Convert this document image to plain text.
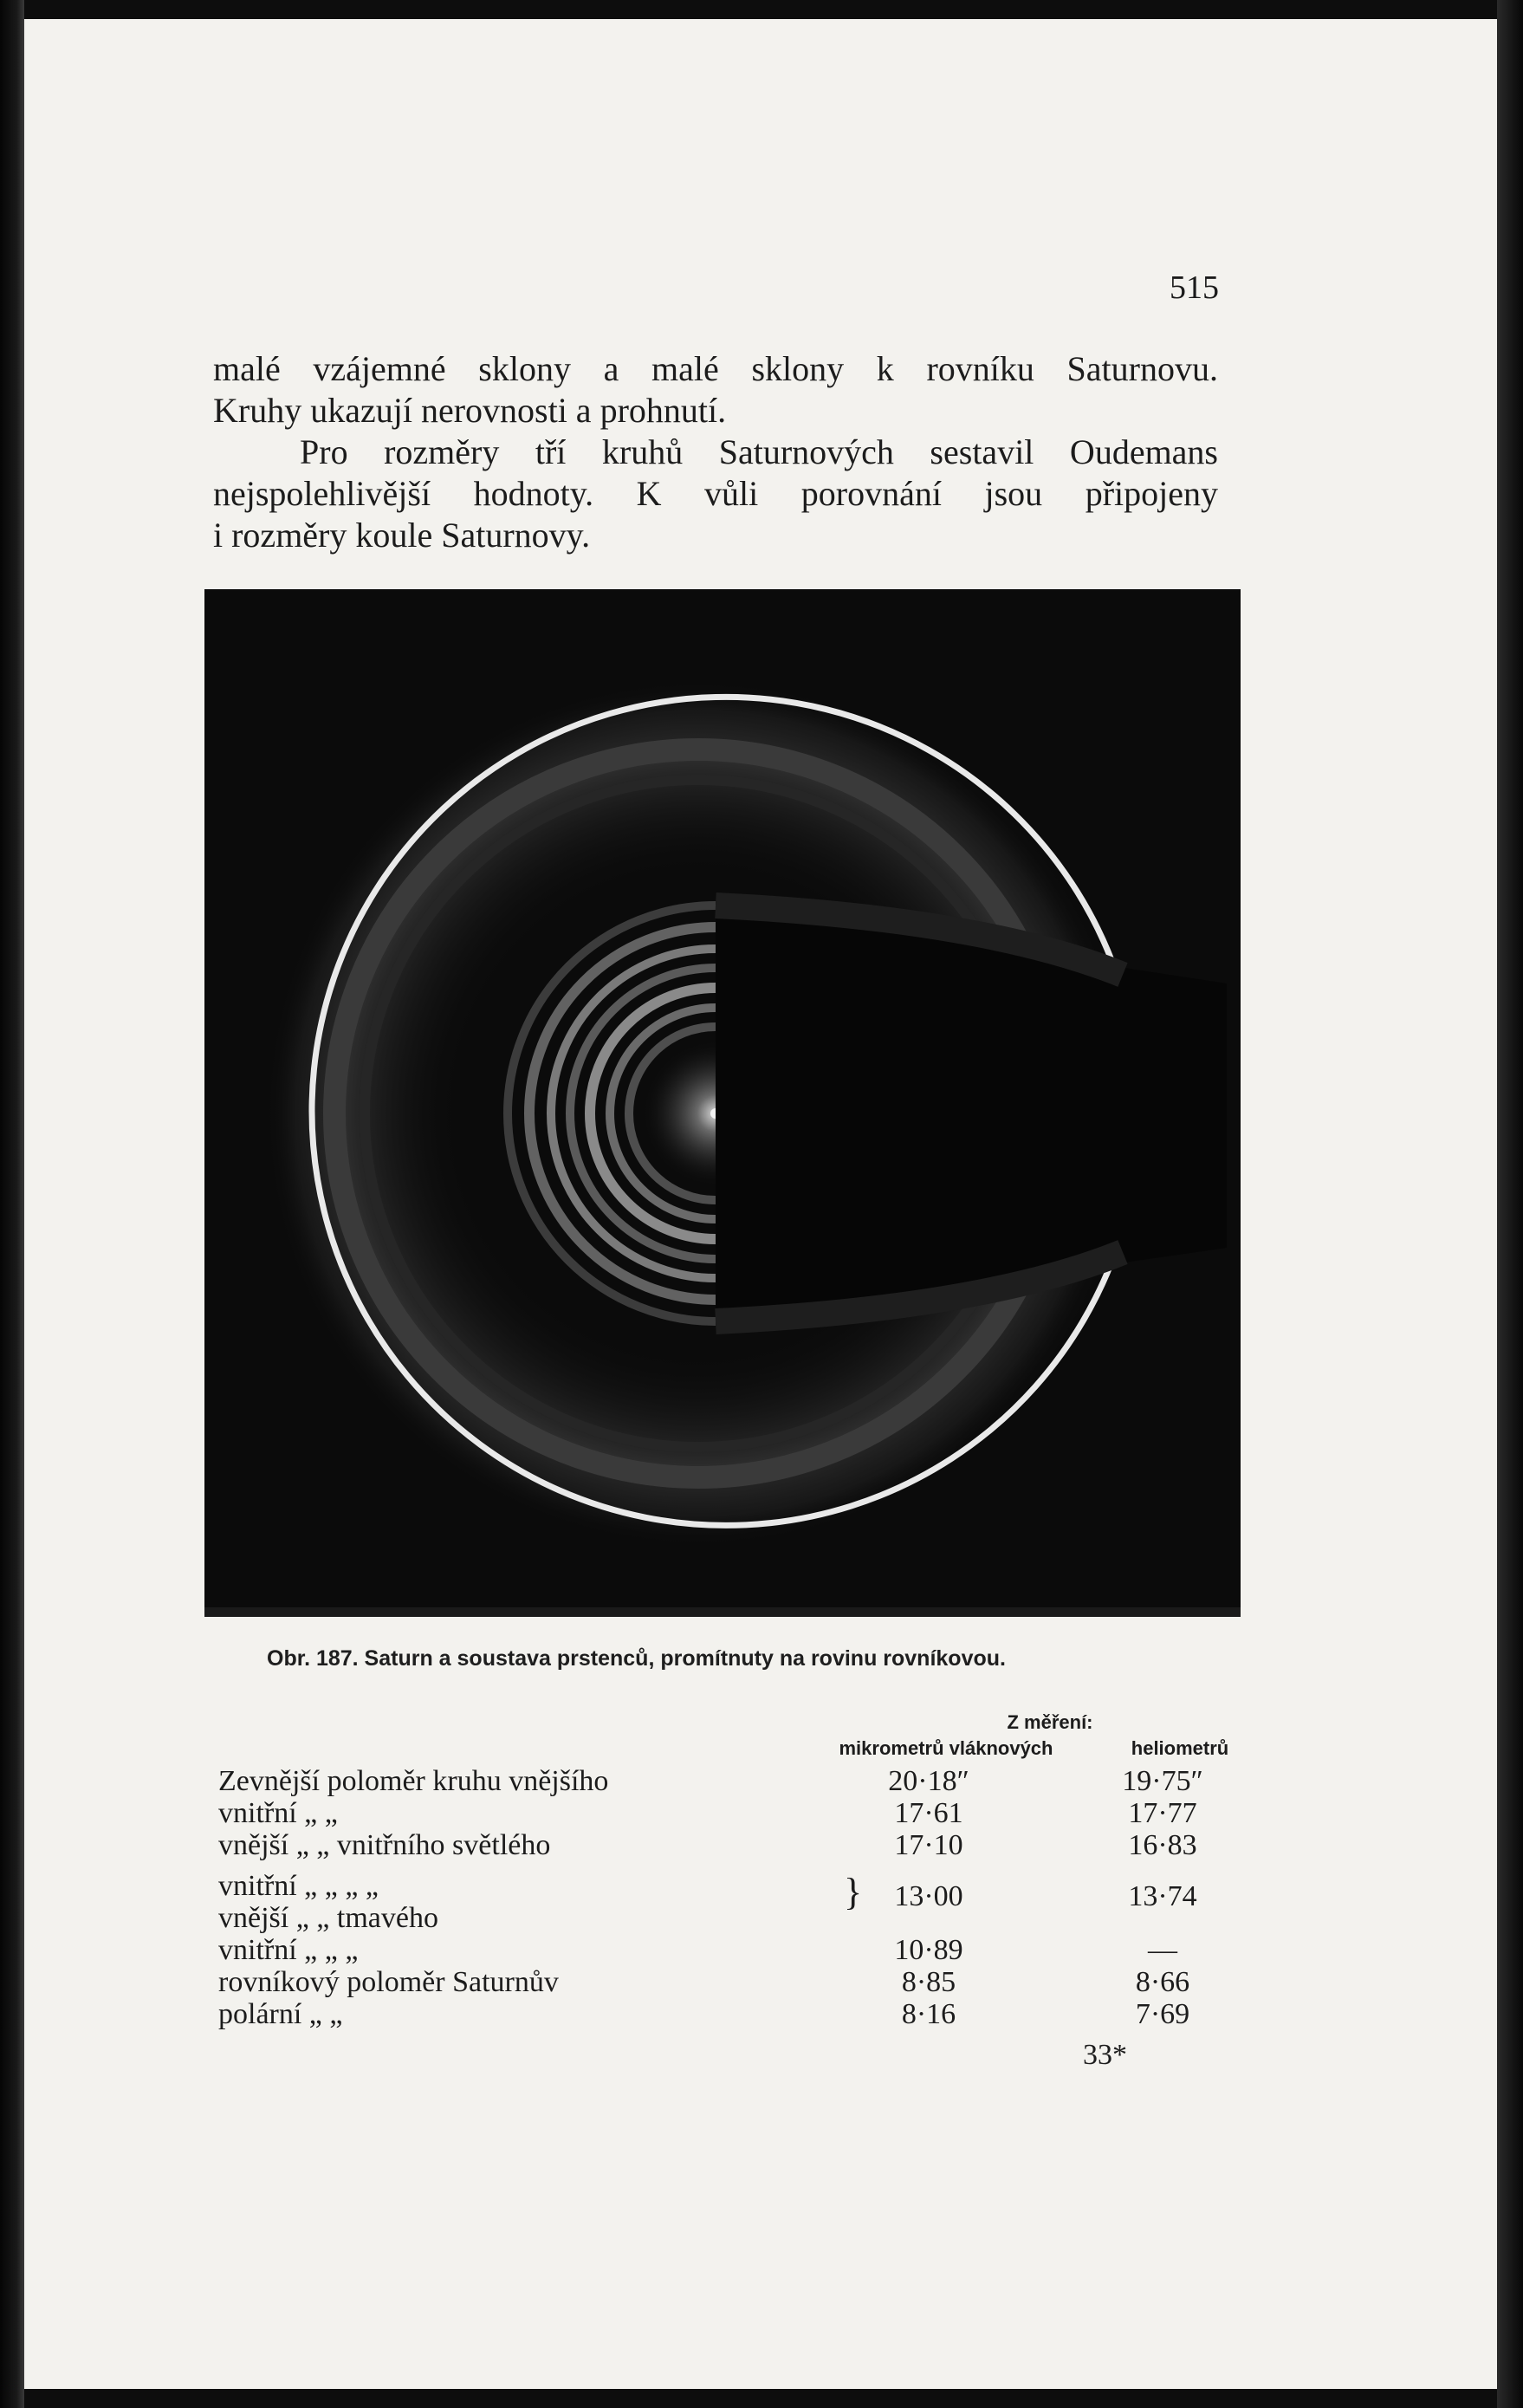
515
malé vzájemné sklony a malé sklony k rovníku Saturnovu.
Kruhy ukazují nerovnosti a prohnutí.
Pro rozměry tří kruhů Saturnových sestavil Oudemans
nejspolehlivější hodnoty. K vůli porovnání jsou připojeny
i rozměry koule Saturnovy.
Obr. 187. Saturn a soustava prstenců, promítnuty na rovinu rovníkovou.
Z měření:
mikrometrů vláknových	heliometrů
Zevnější poloměr kruhu vnějšího	20·18″	19·75″
vnitřní „ „	17·61	17·77
vnější „ „ vnitřního světlého	17·10	16·83
vnitřní „ „ „ „	}	13·00	13·74
vnější „ „ tmavého
vnitřní „ „ „	10·89	—
rovníkový poloměr Saturnův	8·85	8·66
polární „ „	8·16	7·69
33*
